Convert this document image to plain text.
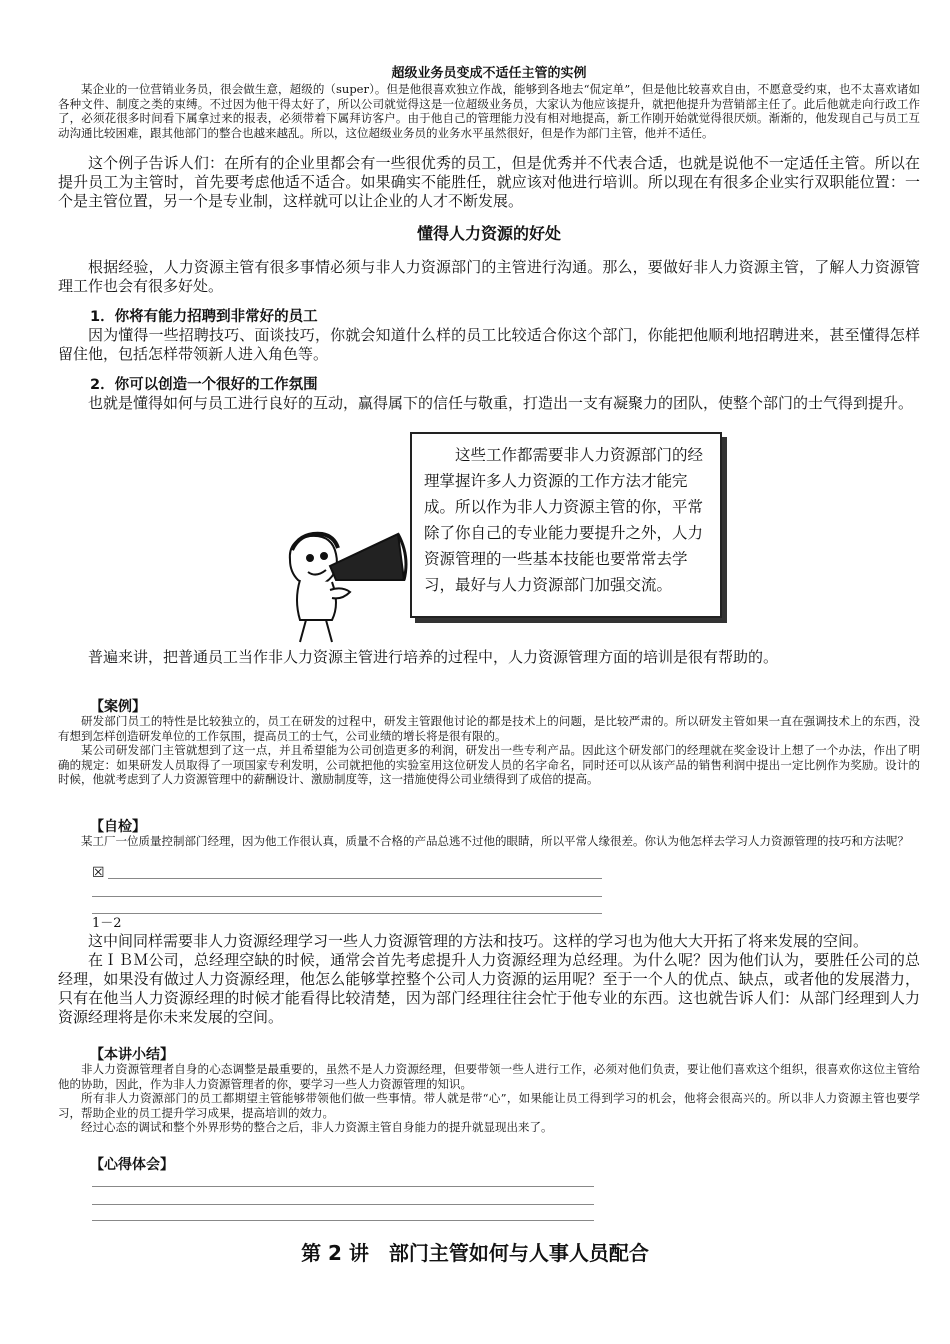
超级业务员变成不适任主管的实例

某企业的一位营销业务员，很会做生意，超级的（super）。但是他很喜欢独立作战，能够到各地去“侃定单”，但是他比较喜欢自由，不愿意受约束，也不太喜欢诸如各种文件、制度之类的束缚。不过因为他干得太好了，所以公司就觉得这是一位超级业务员，大家认为他应该提升，就把他提升为营销部主任了。此后他就走向行政工作了，必须花很多时间看下属拿过来的报表，必须带着下属拜访客户。由于他自己的管理能力没有相对地提高，新工作刚开始就觉得很厌烦。渐渐的，他发现自己与员工互动沟通比较困难，跟其他部门的整合也越来越乱。所以，这位超级业务员的业务水平虽然很好，但是作为部门主管，他并不适任。

这个例子告诉人们：在所有的企业里都会有一些很优秀的员工，但是优秀并不代表合适，也就是说他不一定适任主管。所以在提升员工为主管时，首先要考虑他适不适合。如果确实不能胜任，就应该对他进行培训。所以现在有很多企业实行双职能位置：一个是主管位置，另一个是专业制，这样就可以让企业的人才不断发展。

懂得人力资源的好处

根据经验，人力资源主管有很多事情必须与非人力资源部门的主管进行沟通。那么，要做好非人力资源主管，了解人力资源管理工作也会有很多好处。

1．你将有能力招聘到非常好的员工

因为懂得一些招聘技巧、面谈技巧，你就会知道什么样的员工比较适合你这个部门，你能把他顺利地招聘进来，甚至懂得怎样留住他，包括怎样带领新人进入角色等。

2．你可以创造一个很好的工作氛围

也就是懂得如何与员工进行良好的互动，赢得属下的信任与敬重，打造出一支有凝聚力的团队，使整个部门的士气得到提升。

这些工作都需要非人力资源部门的经理掌握许多人力资源的工作方法才能完成。所以作为非人力资源主管的你，平常除了你自己的专业能力要提升之外，人力资源管理的一些基本技能也要常常去学习，最好与人力资源部门加强交流。

普遍来讲，把普通员工当作非人力资源主管进行培养的过程中，人力资源管理方面的培训是很有帮助的。

【案例】

研发部门员工的特性是比较独立的，员工在研发的过程中，研发主管跟他讨论的都是技术上的问题，是比较严肃的。所以研发主管如果一直在强调技术上的东西，没有想到怎样创造研发单位的工作氛围，提高员工的士气，公司业绩的增长将是很有限的。

某公司研发部门主管就想到了这一点，并且希望能为公司创造更多的利润，研发出一些专利产品。因此这个研发部门的经理就在奖金设计上想了一个办法，作出了明确的规定：如果研发人员取得了一项国家专利发明，公司就把他的实验室用这位研发人员的名字命名，同时还可以从该产品的销售利润中提出一定比例作为奖励。设计的时候，他就考虑到了人力资源管理中的薪酬设计、激励制度等，这一措施使得公司业绩得到了成倍的提高。

【自检】

某工厂一位质量控制部门经理，因为他工作很认真，质量不合格的产品总逃不过他的眼睛，所以平常人缘很差。你认为他怎样去学习人力资源管理的技巧和方法呢？

☒
1－2

这中间同样需要非人力资源经理学习一些人力资源管理的方法和技巧。这样的学习也为他大大开拓了将来发展的空间。

在ＩＢＭ公司，总经理空缺的时候，通常会首先考虑提升人力资源经理为总经理。为什么呢？因为他们认为，要胜任公司的总经理，如果没有做过人力资源经理，他怎么能够掌控整个公司人力资源的运用呢？至于一个人的优点、缺点，或者他的发展潜力，只有在他当人力资源经理的时候才能看得比较清楚，因为部门经理往往会忙于他专业的东西。这也就告诉人们：从部门经理到人力资源经理将是你未来发展的空间。

【本讲小结】

非人力资源管理者自身的心态调整是最重要的，虽然不是人力资源经理，但要带领一些人进行工作，必须对他们负责，要让他们喜欢这个组织，很喜欢你这位主管给他的协助，因此，作为非人力资源管理者的你，要学习一些人力资源管理的知识。

所有非人力资源部门的员工都期望主管能够带领他们做一些事情。带人就是带“心”，如果能让员工得到学习的机会，他将会很高兴的。所以非人力资源主管也要学习，帮助企业的员工提升学习成果，提高培训的效力。

经过心态的调试和整个外界形势的整合之后，非人力资源主管自身能力的提升就显现出来了。

【心得体会】
第 2 讲　部门主管如何与人事人员配合
